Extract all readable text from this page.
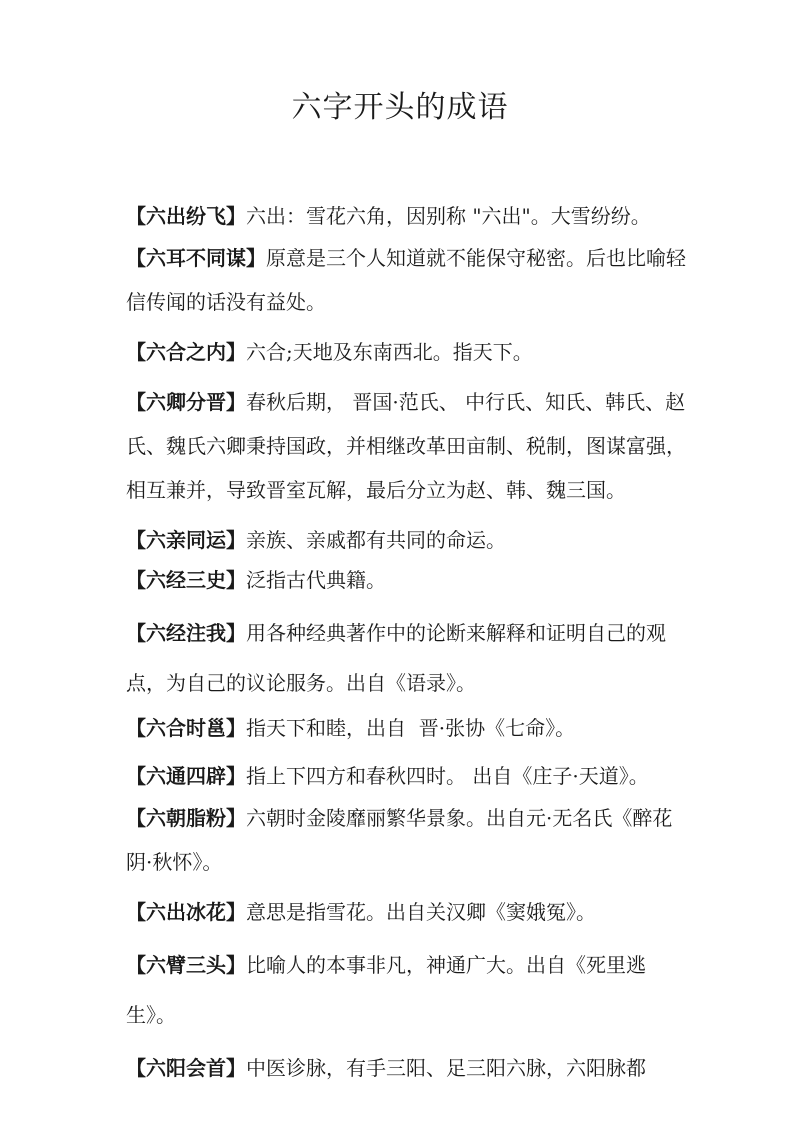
六字开头的成语
【六出纷飞】六出：雪花六角，因别称 "六出"。大雪纷纷。
【六耳不同谋】原意是三个人知道就不能保守秘密。后也比喻轻信传闻的话没有益处。
【六合之内】六合;天地及东南西北。指天下。
【六卿分晋】春秋后期， 晋国·范氏、 中行氏、知氏、韩氏、赵氏、魏氏六卿秉持国政，并相继改革田亩制、税制，图谋富强，相互兼并，导致晋室瓦解，最后分立为赵、韩、魏三国。
【六亲同运】亲族、亲戚都有共同的命运。
【六经三史】泛指古代典籍。
【六经注我】用各种经典著作中的论断来解释和证明自己的观点，为自己的议论服务。出自《语录》。
【六合时邕】指天下和睦，出自  晋·张协《七命》。
【六通四辟】指上下四方和春秋四时。 出自《庄子·天道》。
【六朝脂粉】六朝时金陵靡丽繁华景象。出自元·无名氏《醉花阴·秋怀》。
【六出冰花】意思是指雪花。出自关汉卿《窦娥冤》。
【六臂三头】比喻人的本事非凡，神通广大。出自《死里逃生》。
【六阳会首】中医诊脉，有手三阳、足三阳六脉，六阳脉都
